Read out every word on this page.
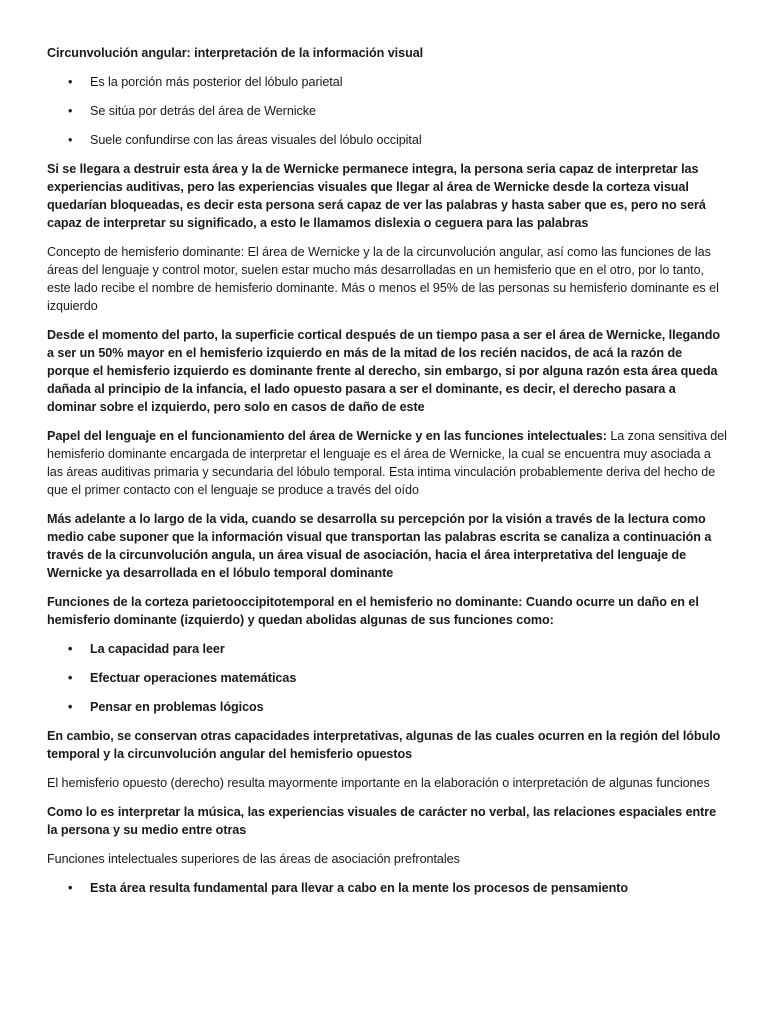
Circunvolución angular: interpretación de la información visual

• Es la porción más posterior del lóbulo parietal
• Se sitúa por detrás del área de Wernicke
• Suele confundirse con las áreas visuales del lóbulo occipital

Si se llegara a destruir esta área y la de Wernicke permanece integra, la persona seria capaz de interpretar las experiencias auditivas, pero las experiencias visuales que llegar al área de Wernicke desde la corteza visual quedarían bloqueadas, es decir esta persona será capaz de ver las palabras y hasta saber que es, pero no será capaz de interpretar su significado, a esto le llamamos dislexia o ceguera para las palabras

Concepto de hemisferio dominante: El área de Wernicke y la de la circunvolución angular, así como las funciones de las áreas del lenguaje y control motor, suelen estar mucho más desarrolladas en un hemisferio que en el otro, por lo tanto, este lado recibe el nombre de hemisferio dominante. Más o menos el 95% de las personas su hemisferio dominante es el izquierdo

Desde el momento del parto, la superficie cortical después de un tiempo pasa a ser el área de Wernicke, llegando a ser un 50% mayor en el hemisferio izquierdo en más de la mitad de los recién nacidos, de acá la razón de porque el hemisferio izquierdo es dominante frente al derecho, sin embargo, si por alguna razón esta área queda dañada al principio de la infancia, el lado opuesto pasara a ser el dominante, es decir, el derecho pasara a dominar sobre el izquierdo, pero solo en casos de daño de este

Papel del lenguaje en el funcionamiento del área de Wernicke y en las funciones intelectuales: La zona sensitiva del hemisferio dominante encargada de interpretar el lenguaje es el área de Wernicke, la cual se encuentra muy asociada a las áreas auditivas primaria y secundaria del lóbulo temporal. Esta intima vinculación probablemente deriva del hecho de que el primer contacto con el lenguaje se produce a través del oído

Más adelante a lo largo de la vida, cuando se desarrolla su percepción por la visión a través de la lectura como medio cabe suponer que la información visual que transportan las palabras escrita se canaliza a continuación a través de la circunvolución angula, un área visual de asociación, hacia el área interpretativa del lenguaje de Wernicke ya desarrollada en el lóbulo temporal dominante

Funciones de la corteza parietooccipitotemporal en el hemisferio no dominante: Cuando ocurre un daño en el hemisferio dominante (izquierdo) y quedan abolidas algunas de sus funciones como:

• La capacidad para leer
• Efectuar operaciones matemáticas
• Pensar en problemas lógicos

En cambio, se conservan otras capacidades interpretativas, algunas de las cuales ocurren en la región del lóbulo temporal y la circunvolución angular del hemisferio opuestos

El hemisferio opuesto (derecho) resulta mayormente importante en la elaboración o interpretación de algunas funciones

Como lo es interpretar la música, las experiencias visuales de carácter no verbal, las relaciones espaciales entre la persona y su medio entre otras

Funciones intelectuales superiores de las áreas de asociación prefrontales

• Esta área resulta fundamental para llevar a cabo en la mente los procesos de pensamiento
